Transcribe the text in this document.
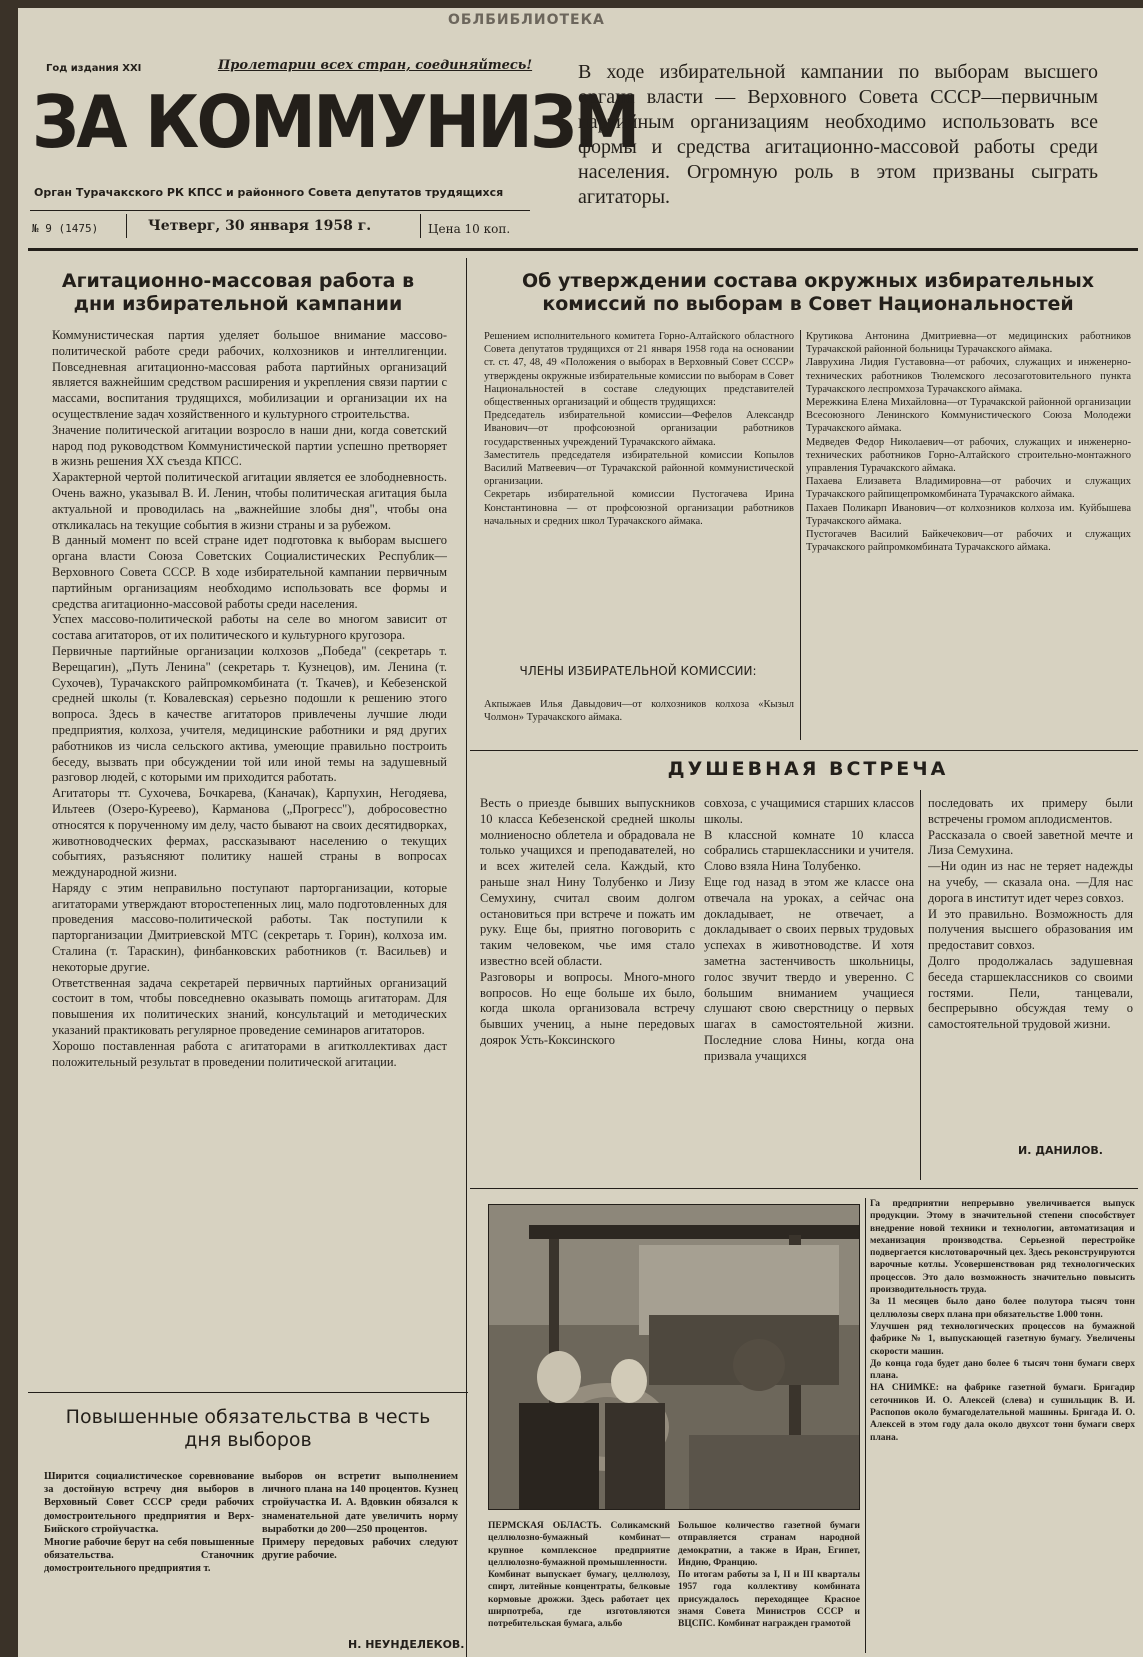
ОБЛБИБЛИОТЕКА
Год издания XXI	Пролетарии всех стран, соединяйтесь!
ЗА КОММУНИЗМ
Орган Турачакского РК КПСС и районного Совета депутатов трудящихся
№ 9 (1475)	Четверг, 30 января 1958 г.	Цена 10 коп.
В ходе избирательной кампании по выборам высшего органа власти — Верховного Совета СССР—первичным партийным организациям необходимо использовать все формы и средства агитационно-массовой работы среди населения. Огромную роль в этом призваны сыграть агитаторы.
Агитационно-массовая работа в дни избирательной кампании
Коммунистическая партия уделяет большое внимание массово-политической работе среди рабочих, колхозников и интеллигенции. Повседневная агитационно-массовая работа партийных организаций является важнейшим средством расширения и укрепления связи партии с массами, воспитания трудящихся, мобилизации и организации их на осуществление задач хозяйственного и культурного строительства.
Значение политической агитации возросло в наши дни, когда советский народ под руководством Коммунистической партии успешно претворяет в жизнь решения XX съезда КПСС.
Характерной чертой политической агитации является ее злободневность. Очень важно, указывал В. И. Ленин, чтобы политическая агитация была актуальной и проводилась на „важнейшие злобы дня", чтобы она откликалась на текущие события в жизни страны и за рубежом.
В данный момент по всей стране идет подготовка к выборам высшего органа власти Союза Советских Социалистических Республик—Верховного Совета СССР. В ходе избирательной кампании первичным партийным организациям необходимо использовать все формы и средства агитационно-массовой работы среди населения.
Успех массово-политической работы на селе во многом зависит от состава агитаторов, от их политического и культурного кругозора.
Первичные партийные организации колхозов „Победа" (секретарь т. Верещагин), „Путь Ленина" (секретарь т. Кузнецов), им. Ленина (т. Сухочев), Турачакского райпромкомбината (т. Ткачев), и Кебезенской средней школы (т. Ковалевская) серьезно подошли к решению этого вопроса. Здесь в качестве агитаторов привлечены лучшие люди предприятия, колхоза, учителя, медицинские работники и ряд других работников из числа сельского актива, умеющие правильно построить беседу, вызвать при обсуждении той или иной темы на задушевный разговор людей, с которыми им приходится работать.
Агитаторы тт. Сухочева, Бочкарева, (Каначак), Карпухин, Негодяева, Ильтеев (Озеро-Куреево), Карманова („Прогресс"), добросовестно относятся к порученному им делу, часто бывают на своих десятидворках, животноводческих фермах, рассказывают населению о текущих событиях, разъясняют политику нашей страны в вопросах международной жизни.
Наряду с этим неправильно поступают парторганизации, которые агитаторами утверждают второстепенных лиц, мало подготовленных для проведения массово-политической работы. Так поступили к парторганизации Дмитриевской МТС (секретарь т. Горин), колхоза им. Сталина (т. Тараскин), финбанковских работников (т. Васильев) и некоторые другие.
Ответственная задача секретарей первичных партийных организаций состоит в том, чтобы повседневно оказывать помощь агитаторам. Для повышения их политических знаний, консультаций и методических указаний практиковать регулярное проведение семинаров агитаторов.
Хорошо поставленная работа с агитаторами в агитколлективах даст положительный результат в проведении политической агитации.
Об утверждении состава окружных избирательных комиссий по выборам в Совет Национальностей
Решением исполнительного комитета Горно-Алтайского областного Совета депутатов трудящихся от 21 января 1958 года на основании ст. ст. 47, 48, 49 «Положения о выборах в Верховный Совет СССР» утверждены окружные избирательные комиссии по выборам в Совет Национальностей в составе следующих представителей общественных организаций и обществ трудящихся:
Председатель избирательной комиссии—Фефелов Александр Иванович—от профсоюзной организации работников государственных учреждений Турачакского аймака.
Заместитель председателя избирательной комиссии Копылов Василий Матвеевич—от Турачакской районной коммунистической организации.
Секретарь избирательной комиссии Пустогачева Ирина Константиновна — от профсоюзной организации работников начальных и средних школ Турачакского аймака.
ЧЛЕНЫ ИЗБИРАТЕЛЬНОЙ КОМИССИИ:
Акпыжаев Илья Давыдович—от колхозников колхоза «Кызыл Чолмон» Турачакского аймака.
Крутикова Антонина Дмитриевна—от медицинских работников Турачакской районной больницы Турачакского аймака.
Лаврухина Лидия Густавовна—от рабочих, служащих и инженерно-технических работников Тюлемского лесозаготовительного пункта Турачакского леспромхоза Турачакского аймака.
Мережкина Елена Михайловна—от Турачакской районной организации Всесоюзного Ленинского Коммунистического Союза Молодежи Турачакского аймака.
Медведев Федор Николаевич—от рабочих, служащих и инженерно-технических работников Горно-Алтайского строительно-монтажного управления Турачакского аймака.
Пахаева Елизавета Владимировна—от рабочих и служащих Турачакского райпищепромкомбината Турачакского аймака.
Пахаев Поликарп Иванович—от колхозников колхоза им. Куйбышева Турачакского аймака.
Пустогачев Василий Байкечекович—от рабочих и служащих Турачакского райпромкомбината Турачакского аймака.
ДУШЕВНАЯ ВСТРЕЧА
Весть о приезде бывших выпускников 10 класса Кебезенской средней школы молниеносно облетела и обрадовала не только учащихся и преподавателей, но и всех жителей села. Каждый, кто раньше знал Нину Толубенко и Лизу Семухину, считал своим долгом остановиться при встрече и пожать им руку. Еще бы, приятно поговорить с таким человеком, чье имя стало известно всей области.
Разговоры и вопросы. Много-много вопросов. Но еще больше их было, когда школа организовала встречу бывших учениц, а ныне передовых доярок Усть-Коксинского
совхоза, с учащимися старших классов школы.
В классной комнате 10 класса собрались старшеклассники и учителя. Слово взяла Нина Толубенко.
Еще год назад в этом же классе она отвечала на уроках, а сейчас она докладывает, не отвечает, а докладывает о своих первых трудовых успехах в животноводстве. И хотя заметна застенчивость школьницы, голос звучит твердо и уверенно. С большим вниманием учащиеся слушают свою сверстницу о первых шагах в самостоятельной жизни. Последние слова Нины, когда она призвала учащихся
последовать их примеру были встречены громом аплодисментов.
Рассказала о своей заветной мечте и Лиза Семухина.
—Ни один из нас не теряет надежды на учебу, — сказала она. —Для нас дорога в институт идет через совхоз.
И это правильно. Возможность для получения высшего образования им предоставит совхоз.
Долго продолжалась задушевная беседа старшеклассников со своими гостями. Пели, танцевали, беспрерывно обсуждая тему о самостоятельной трудовой жизни.
И. ДАНИЛОВ.
Повышенные обязательства в честь дня выборов
Ширится социалистическое соревнование за достойную встречу дня выборов в Верховный Совет СССР среди рабочих домостроительного предприятия и Верх-Бийского стройучастка.
Многие рабочие берут на себя повышенные обязательства. Станочник домостроительного предприятия т.
выборов он встретит выполнением личного плана на 140 процентов. Кузнец стройучастка И. А. Вдовкин обязался к знаменательной дате увеличить норму выработки до 200—250 процентов.
Примеру передовых рабочих следуют другие рабочие.
Н. НЕУНДЕЛЕКОВ.
ПЕРМСКАЯ ОБЛАСТЬ. Соликамский целлюлозно-бумажный комбинат—крупное комплексное предприятие целлюлозно-бумажной промышленности.
Комбинат выпускает бумагу, целлюлозу, спирт, литейные концентраты, белковые кормовые дрожжи. Здесь работает цех ширпотреба, где изготовляются потребительская бумага, альбо
Большое количество газетной бумаги отправляется странам народной демократии, а также в Иран, Египет, Индию, Францию.
По итогам работы за I, II и III кварталы 1957 года коллективу комбината присуждалось переходящее Красное знамя Совета Министров СССР и ВЦСПС. Комбинат награжден грамотой
Га предприятии непрерывно увеличивается выпуск продукции. Этому в значительной степени способствует внедрение новой техники и технологии, автоматизация и механизация производства. Серьезной перестройке подвергается кислотоварочный цех. Здесь реконструируются варочные котлы. Усовершенствован ряд технологических процессов. Это дало возможность значительно повысить производительность труда.
За 11 месяцев было дано более полутора тысяч тонн целлюлозы сверх плана при обязательстве 1.000 тонн.
Улучшен ряд технологических процессов на бумажной фабрике № 1, выпускающей газетную бумагу. Увеличены скорости машин.
До конца года будет дано более 6 тысяч тонн бумаги сверх плана.
НА СНИМКЕ: на фабрике газетной бумаги. Бригадир сеточников И. О. Алексей (слева) и сушильщик В. И. Распопов около бумагоделательной машины. Бригада И. О. Алексей в этом году дала около двухсот тонн бумаги сверх плана.
